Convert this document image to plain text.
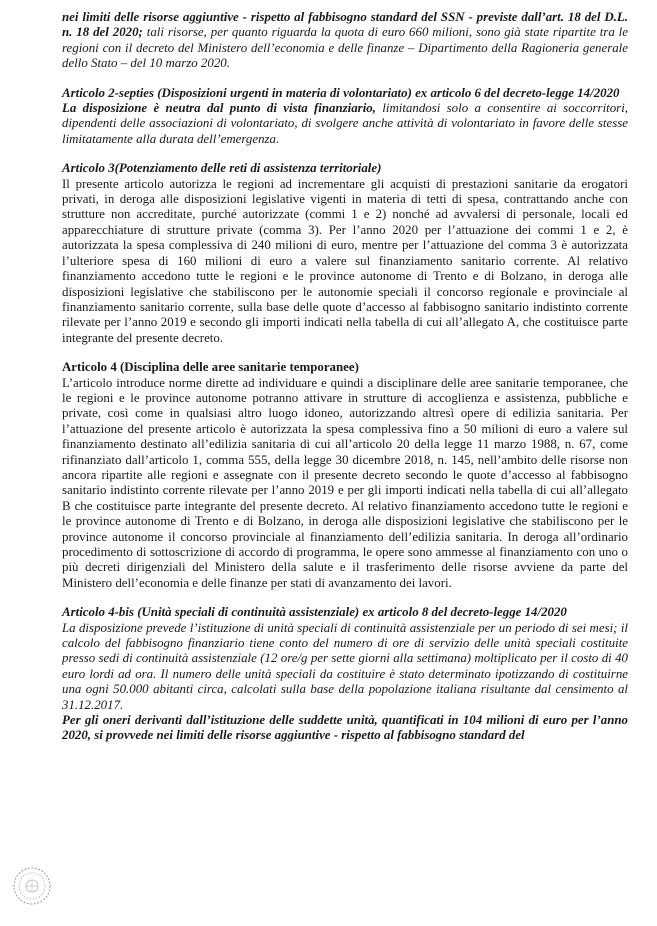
nei limiti delle risorse aggiuntive - rispetto al fabbisogno standard del SSN - previste dall’art. 18 del D.L. n. 18 del 2020; tali risorse, per quanto riguarda la quota di euro 660 milioni, sono già state ripartite tra le regioni con il decreto del Ministero dell’economia e delle finanze – Dipartimento della Ragioneria generale dello Stato – del 10 marzo 2020.

Articolo 2-septies (Disposizioni urgenti in materia di volontariato) ex articolo 6 del decreto-legge 14/2020

La disposizione è neutra dal punto di vista finanziario, limitandosi solo a consentire ai soccorritori, dipendenti delle associazioni di volontariato, di svolgere anche attività di volontariato in favore delle stesse limitatamente alla durata dell’emergenza.

Articolo 3(Potenziamento delle reti di assistenza territoriale)

Il presente articolo autorizza le regioni ad incrementare gli acquisti di prestazioni sanitarie da erogatori privati, in deroga alle disposizioni legislative vigenti in materia di tetti di spesa, contrattando anche con strutture non accreditate, purché autorizzate (commi 1 e 2) nonché ad avvalersi di personale, locali ed apparecchiature di strutture private (comma 3). Per l’anno 2020 per l’attuazione dei commi 1 e 2, è autorizzata la spesa complessiva di 240 milioni di euro, mentre per l’attuazione del comma 3 è autorizzata l’ulteriore spesa di 160 milioni di euro a valere sul finanziamento sanitario corrente. Al relativo finanziamento accedono tutte le regioni e le province autonome di Trento e di Bolzano, in deroga alle disposizioni legislative che stabiliscono per le autonomie speciali il concorso regionale e provinciale al finanziamento sanitario corrente, sulla base delle quote d’accesso al fabbisogno sanitario indistinto corrente rilevate per l’anno 2019 e secondo gli importi indicati nella tabella di cui all’allegato A, che costituisce parte integrante del presente decreto.

Articolo 4 (Disciplina delle aree sanitarie temporanee)

L’articolo introduce norme dirette ad individuare e quindi a disciplinare delle aree sanitarie temporanee, che le regioni e le province autonome potranno attivare in strutture di accoglienza e assistenza, pubbliche e private, così come in qualsiasi altro luogo idoneo, autorizzando altresì opere di edilizia sanitaria. Per l’attuazione del presente articolo è autorizzata la spesa complessiva fino a 50 milioni di euro a valere sul finanziamento destinato all’edilizia sanitaria di cui all’articolo 20 della legge 11 marzo 1988, n. 67, come rifinanziato dall’articolo 1, comma 555, della legge 30 dicembre 2018, n. 145, nell’ambito delle risorse non ancora ripartite alle regioni e assegnate con il presente decreto secondo le quote d’accesso al fabbisogno sanitario indistinto corrente rilevate per l’anno 2019 e per gli importi indicati nella tabella di cui all’allegato B che costituisce parte integrante del presente decreto. Al relativo finanziamento accedono tutte le regioni e le province autonome di Trento e di Bolzano, in deroga alle disposizioni legislative che stabiliscono per le province autonome il concorso provinciale al finanziamento dell’edilizia sanitaria. In deroga all’ordinario procedimento di sottoscrizione di accordo di programma, le opere sono ammesse al finanziamento con uno o più decreti dirigenziali del Ministero della salute e il trasferimento delle risorse avviene da parte del Ministero dell’economia e delle finanze per stati di avanzamento dei lavori.

Articolo 4-bis (Unità speciali di continuità assistenziale) ex articolo 8 del decreto-legge 14/2020

La disposizione prevede l’istituzione di unità speciali di continuità assistenziale per un periodo di sei mesi; il calcolo del fabbisogno finanziario tiene conto del numero di ore di servizio delle unità speciali costituite presso sedi di continuità assistenziale (12 ore/g per sette giorni alla settimana) moltiplicato per il costo di 40 euro lordi ad ora. Il numero delle unità speciali da costituire è stato determinato ipotizzando di costituirne una ogni 50.000 abitanti circa, calcolati sulla base della popolazione italiana risultante dal censimento al 31.12.2017.

Per gli oneri derivanti dall’istituzione delle suddette unità, quantificati in 104 milioni di euro per l’anno 2020, si provvede nei limiti delle risorse aggiuntive - rispetto al fabbisogno standard del
